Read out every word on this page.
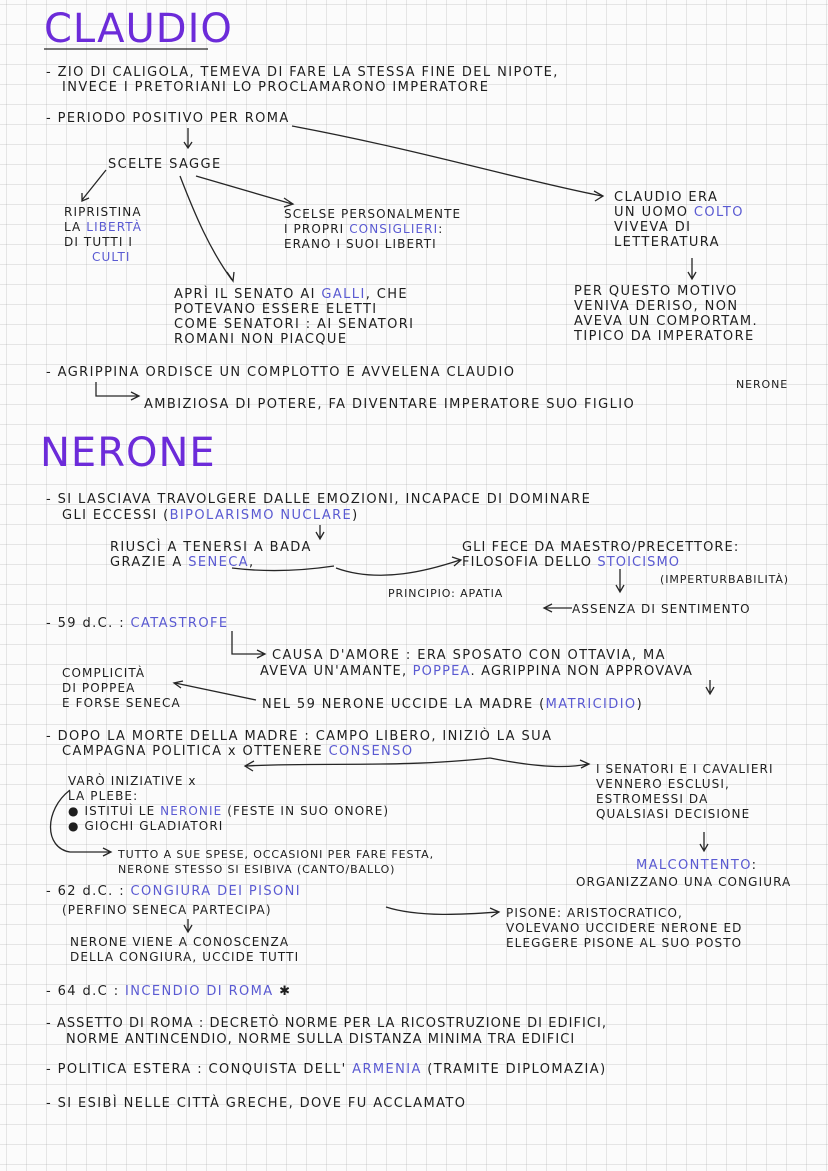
CLAUDIO
- ZIO DI CALIGOLA, TEMEVA DI FARE LA STESSA FINE DEL NIPOTE,
INVECE I PRETORIANI LO PROCLAMARONO IMPERATORE
- PERIODO POSITIVO PER ROMA
SCELTE SAGGE
RIPRISTINA
LA LIBERTÀ
DI TUTTI I
CULTI
SCELSE PERSONALMENTE
I PROPRI CONSIGLIERI:
ERANO I SUOI LIBERTI
CLAUDIO ERA
UN UOMO COLTO
VIVEVA DI
LETTERATURA
APRÌ IL SENATO AI GALLI, CHE
POTEVANO ESSERE ELETTI
COME SENATORI : AI SENATORI
ROMANI NON PIACQUE
PER QUESTO MOTIVO
VENIVA DERISO, NON
AVEVA UN COMPORTAM.
TIPICO DA IMPERATORE
- AGRIPPINA ORDISCE UN COMPLOTTO E AVVELENA CLAUDIO
AMBIZIOSA DI POTERE, FA DIVENTARE IMPERATORE SUO FIGLIO
NERONE
NERONE
- SI LASCIAVA TRAVOLGERE DALLE EMOZIONI, INCAPACE DI DOMINARE
GLI ECCESSI (BIPOLARISMO NUCLARE)
RIUSCÌ A TENERSI A BADA
GRAZIE A SENECA,
GLI FECE DA MAESTRO/PRECETTORE:
FILOSOFIA DELLO STOICISMO
PRINCIPIO: APATIA
(IMPERTURBABILITÀ)
ASSENZA DI SENTIMENTO
- 59 d.C. : CATASTROFE
CAUSA D'AMORE : ERA SPOSATO CON OTTAVIA, MA
AVEVA UN'AMANTE, POPPEA. AGRIPPINA NON APPROVAVA
COMPLICITÀ
DI POPPEA
E FORSE SENECA	NEL 59 NERONE UCCIDE LA MADRE (MATRICIDIO)
- DOPO LA MORTE DELLA MADRE : CAMPO LIBERO, INIZIÒ LA SUA
CAMPAGNA POLITICA x OTTENERE CONSENSO
VARÒ INIZIATIVE x
LA PLEBE:
● ISTITUÌ LE NERONIE (FESTE IN SUO ONORE)
● GIOCHI GLADIATORI
TUTTO A SUE SPESE, OCCASIONI PER FARE FESTA,
NERONE STESSO SI ESIBIVA (CANTO/BALLO)
I SENATORI E I CAVALIERI
VENNERO ESCLUSI,
ESTROMESSI DA
QUALSIASI DECISIONE
MALCONTENTO:
ORGANIZZANO UNA CONGIURA
- 62 d.C. : CONGIURA DEI PISONI
(PERFINO SENECA PARTECIPA)	PISONE: ARISTOCRATICO,
VOLEVANO UCCIDERE NERONE ED
ELEGGERE PISONE AL SUO POSTO
NERONE VIENE A CONOSCENZA
DELLA CONGIURA, UCCIDE TUTTI
- 64 d.C : INCENDIO DI ROMA ✱
- ASSETTO DI ROMA : DECRETÒ NORME PER LA RICOSTRUZIONE DI EDIFICI,
NORME ANTINCENDIO, NORME SULLA DISTANZA MINIMA TRA EDIFICI
- POLITICA ESTERA : CONQUISTA DELL' ARMENIA (TRAMITE DIPLOMAZIA)
- SI ESIBÌ NELLE CITTÀ GRECHE, DOVE FU ACCLAMATO
